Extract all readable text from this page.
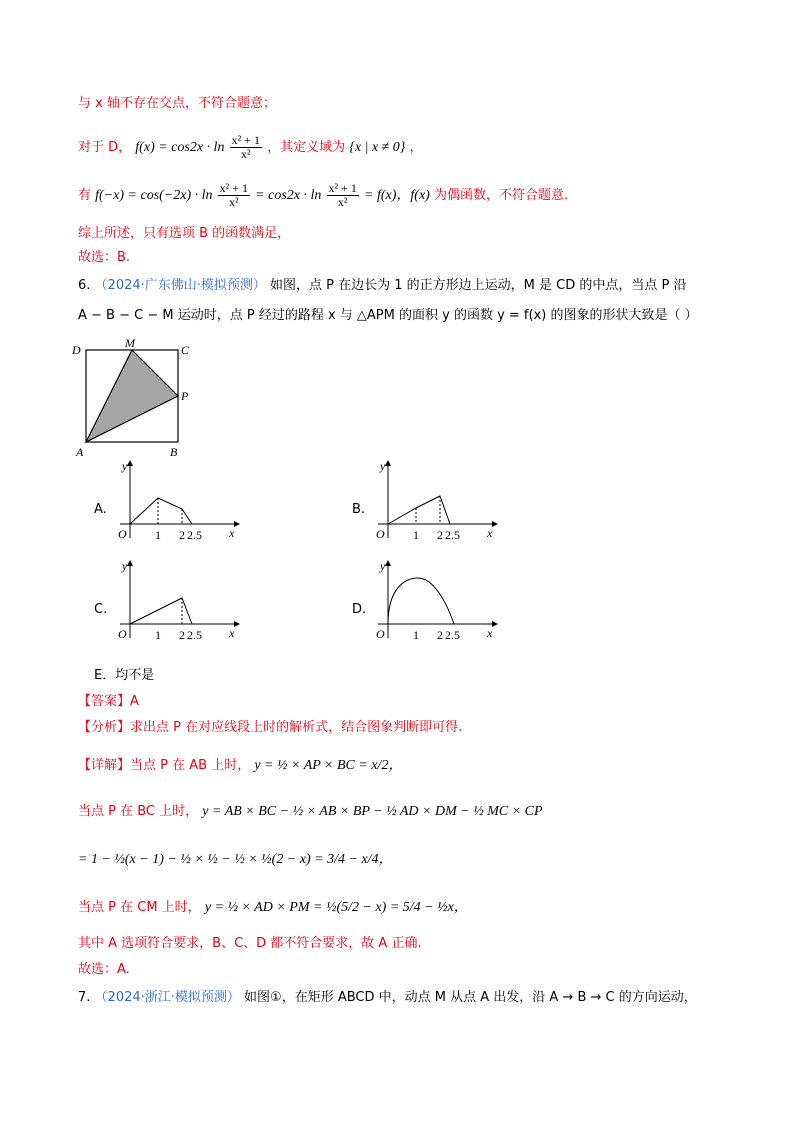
与 x 轴不存在交点，不符合题意；
对于 D， $f(x) = \cos 2x \cdot \ln \frac{\text{x² + 1}}{\text{x²}}$ ，其定义域为 {x | x ≠ 0} ，
有 $f(-x) = \cos(-2x) \cdot \ln \frac{\text{x² + 1}}{\text{x²}} = \cos 2x \cdot \ln \frac{\text{x² + 1}}{\text{x²}} = f(x)$，f(x) 为偶函数，不符合题意.
综上所述，只有选项 B 的函数满足，
故选：B.
6. （2024·广东佛山·模拟预测） 如图，点 P 在边长为 1 的正方形边上运动，M 是 CD 的中点，当点 P 沿
A − B − C − M 运动时，点 P 经过的路程 x 与 △APM 的面积 y 的函数 y = f(x) 的图象的形状大致是（ ）
D	M	C
P
A	B
A.
y
x
O 1 2 2.5
B.
y
x
O 1 2 2.5
C.
y
x
O 1 2 2.5
D.
y
x
O 1 2 2.5
E．均不是
【答案】A
【分析】求出点 P 在对应线段上时的解析式，结合图象判断即可得.
【详解】当点 P 在 AB 上时， y = ½ × AP × BC = x/2，
当点 P 在 BC 上时， y = AB × BC − ½ × AB × BP − ½ AD × DM − ½ MC × CP
= 1 − ½(x − 1) − ½ × ½ − ½ × ½(2 − x) = 3/4 − x/4，
当点 P 在 CM 上时， y = ½ × AD × PM = ½(5/2 − x) = 5/4 − ½x，
其中 A 选项符合要求，B、C、D 都不符合要求，故 A 正确.
故选：A.
7. （2024·浙江·模拟预测） 如图①，在矩形 ABCD 中，动点 M 从点 A 出发，沿 A → B → C 的方向运动，
